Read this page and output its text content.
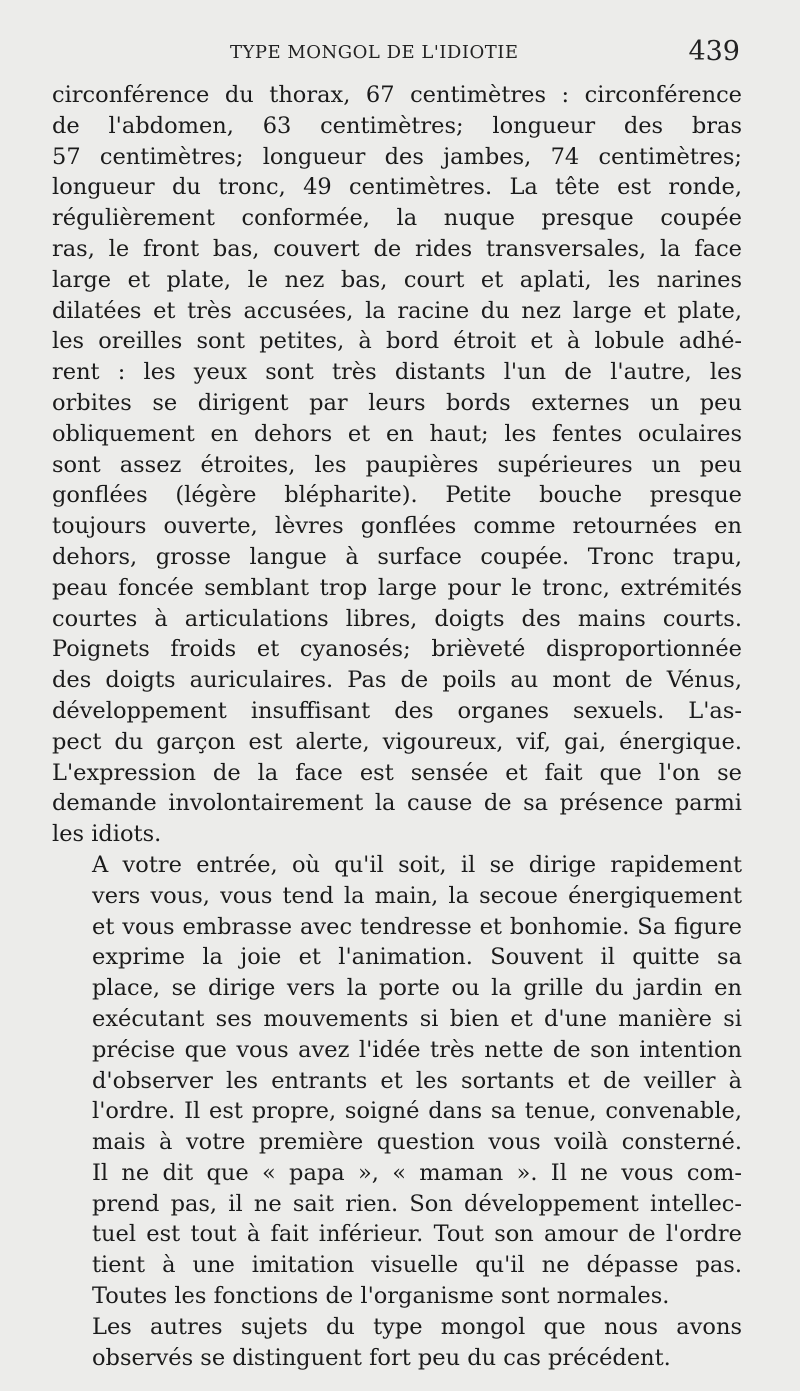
TYPE MONGOL DE L'IDIOTIE	439

circonférence du thorax, 67 centimètres : circonférence
de l'abdomen, 63 centimètres; longueur des bras
57 centimètres; longueur des jambes, 74 centimètres;
longueur du tronc, 49 centimètres. La tête est ronde,
régulièrement conformée, la nuque presque coupée
ras, le front bas, couvert de rides transversales, la face
large et plate, le nez bas, court et aplati, les narines
dilatées et très accusées, la racine du nez large et plate,
les oreilles sont petites, à bord étroit et à lobule adhé-
rent : les yeux sont très distants l'un de l'autre, les
orbites se dirigent par leurs bords externes un peu
obliquement en dehors et en haut; les fentes oculaires
sont assez étroites, les paupières supérieures un peu
gonflées (légère blépharite). Petite bouche presque
toujours ouverte, lèvres gonflées comme retournées en
dehors, grosse langue à surface coupée. Tronc trapu,
peau foncée semblant trop large pour le tronc, extrémités
courtes à articulations libres, doigts des mains courts.
Poignets froids et cyanosés; brièveté disproportionnée
des doigts auriculaires. Pas de poils au mont de Vénus,
développement insuffisant des organes sexuels. L'as-
pect du garçon est alerte, vigoureux, vif, gai, énergique.
L'expression de la face est sensée et fait que l'on se
demande involontairement la cause de sa présence parmi
les idiots.

A votre entrée, où qu'il soit, il se dirige rapidement
vers vous, vous tend la main, la secoue énergiquement
et vous embrasse avec tendresse et bonhomie. Sa figure
exprime la joie et l'animation. Souvent il quitte sa
place, se dirige vers la porte ou la grille du jardin en
exécutant ses mouvements si bien et d'une manière si
précise que vous avez l'idée très nette de son intention
d'observer les entrants et les sortants et de veiller à
l'ordre. Il est propre, soigné dans sa tenue, convenable,
mais à votre première question vous voilà consterné.
Il ne dit que « papa », « maman ». Il ne vous com-
prend pas, il ne sait rien. Son développement intellec-
tuel est tout à fait inférieur. Tout son amour de l'ordre
tient à une imitation visuelle qu'il ne dépasse pas.
Toutes les fonctions de l'organisme sont normales.

Les autres sujets du type mongol que nous avons
observés se distinguent fort peu du cas précédent.
